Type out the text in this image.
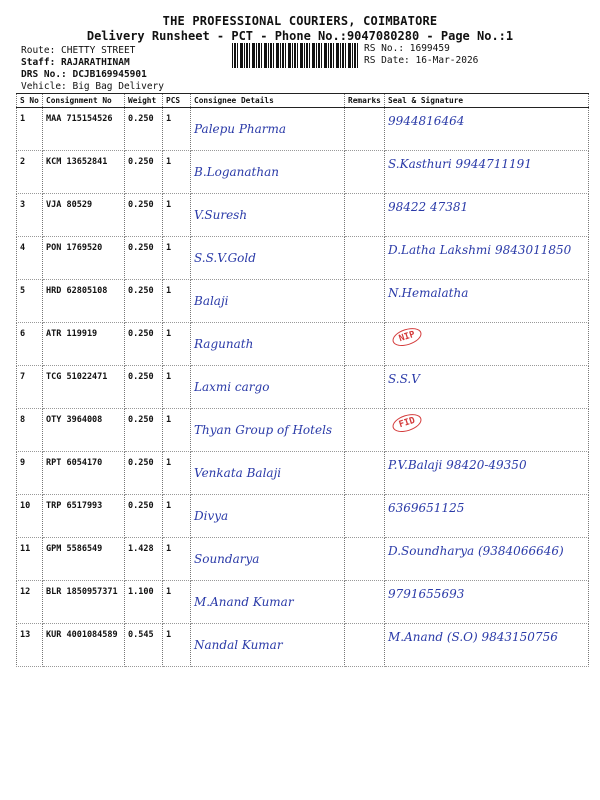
THE PROFESSIONAL COURIERS, COIMBATORE
Delivery Runsheet - PCT - Phone No.:9047080280 - Page No.:1
Route: CHETTY STREET
Staff: RAJARATHINAM
DRS No.: DCJB169945901
Vehicle: Big Bag Delivery
RS No.: 1699459
RS Date: 16-Mar-2026
S No	Consignment No	Weight	PCS	Consignee Details	Remarks	Seal & Signature
1	MAA 715154526	0.250	1	Palepu Pharma		9944816464

2	KCM 13652841	0.250	1	B.Loganathan		S.Kasthuri 9944711191

3	VJA 80529	0.250	1	V.Suresh		98422 47381

4	PON 1769520	0.250	1	S.S.V.Gold		D.Latha Lakshmi 9843011850

5	HRD 62805108	0.250	1	Balaji		N.Hemalatha

6	ATR 119919	0.250	1	Ragunath		NIP
7	TCG 51022471	0.250	1	Laxmi cargo		S.S.V

8	OTY 3964008	0.250	1	Thyan Group of Hotels		FID
9	RPT 6054170	0.250	1	Venkata Balaji		P.V.Balaji 98420-49350

10	TRP 6517993	0.250	1	Divya		6369651125

11	GPM 5586549	1.428	1	Soundarya		D.Soundharya (9384066646)

12	BLR 1850957371	1.100	1	M.Anand Kumar		9791655693

13	KUR 4001084589	0.545	1	Nandal Kumar		M.Anand (S.O) 9843150756
